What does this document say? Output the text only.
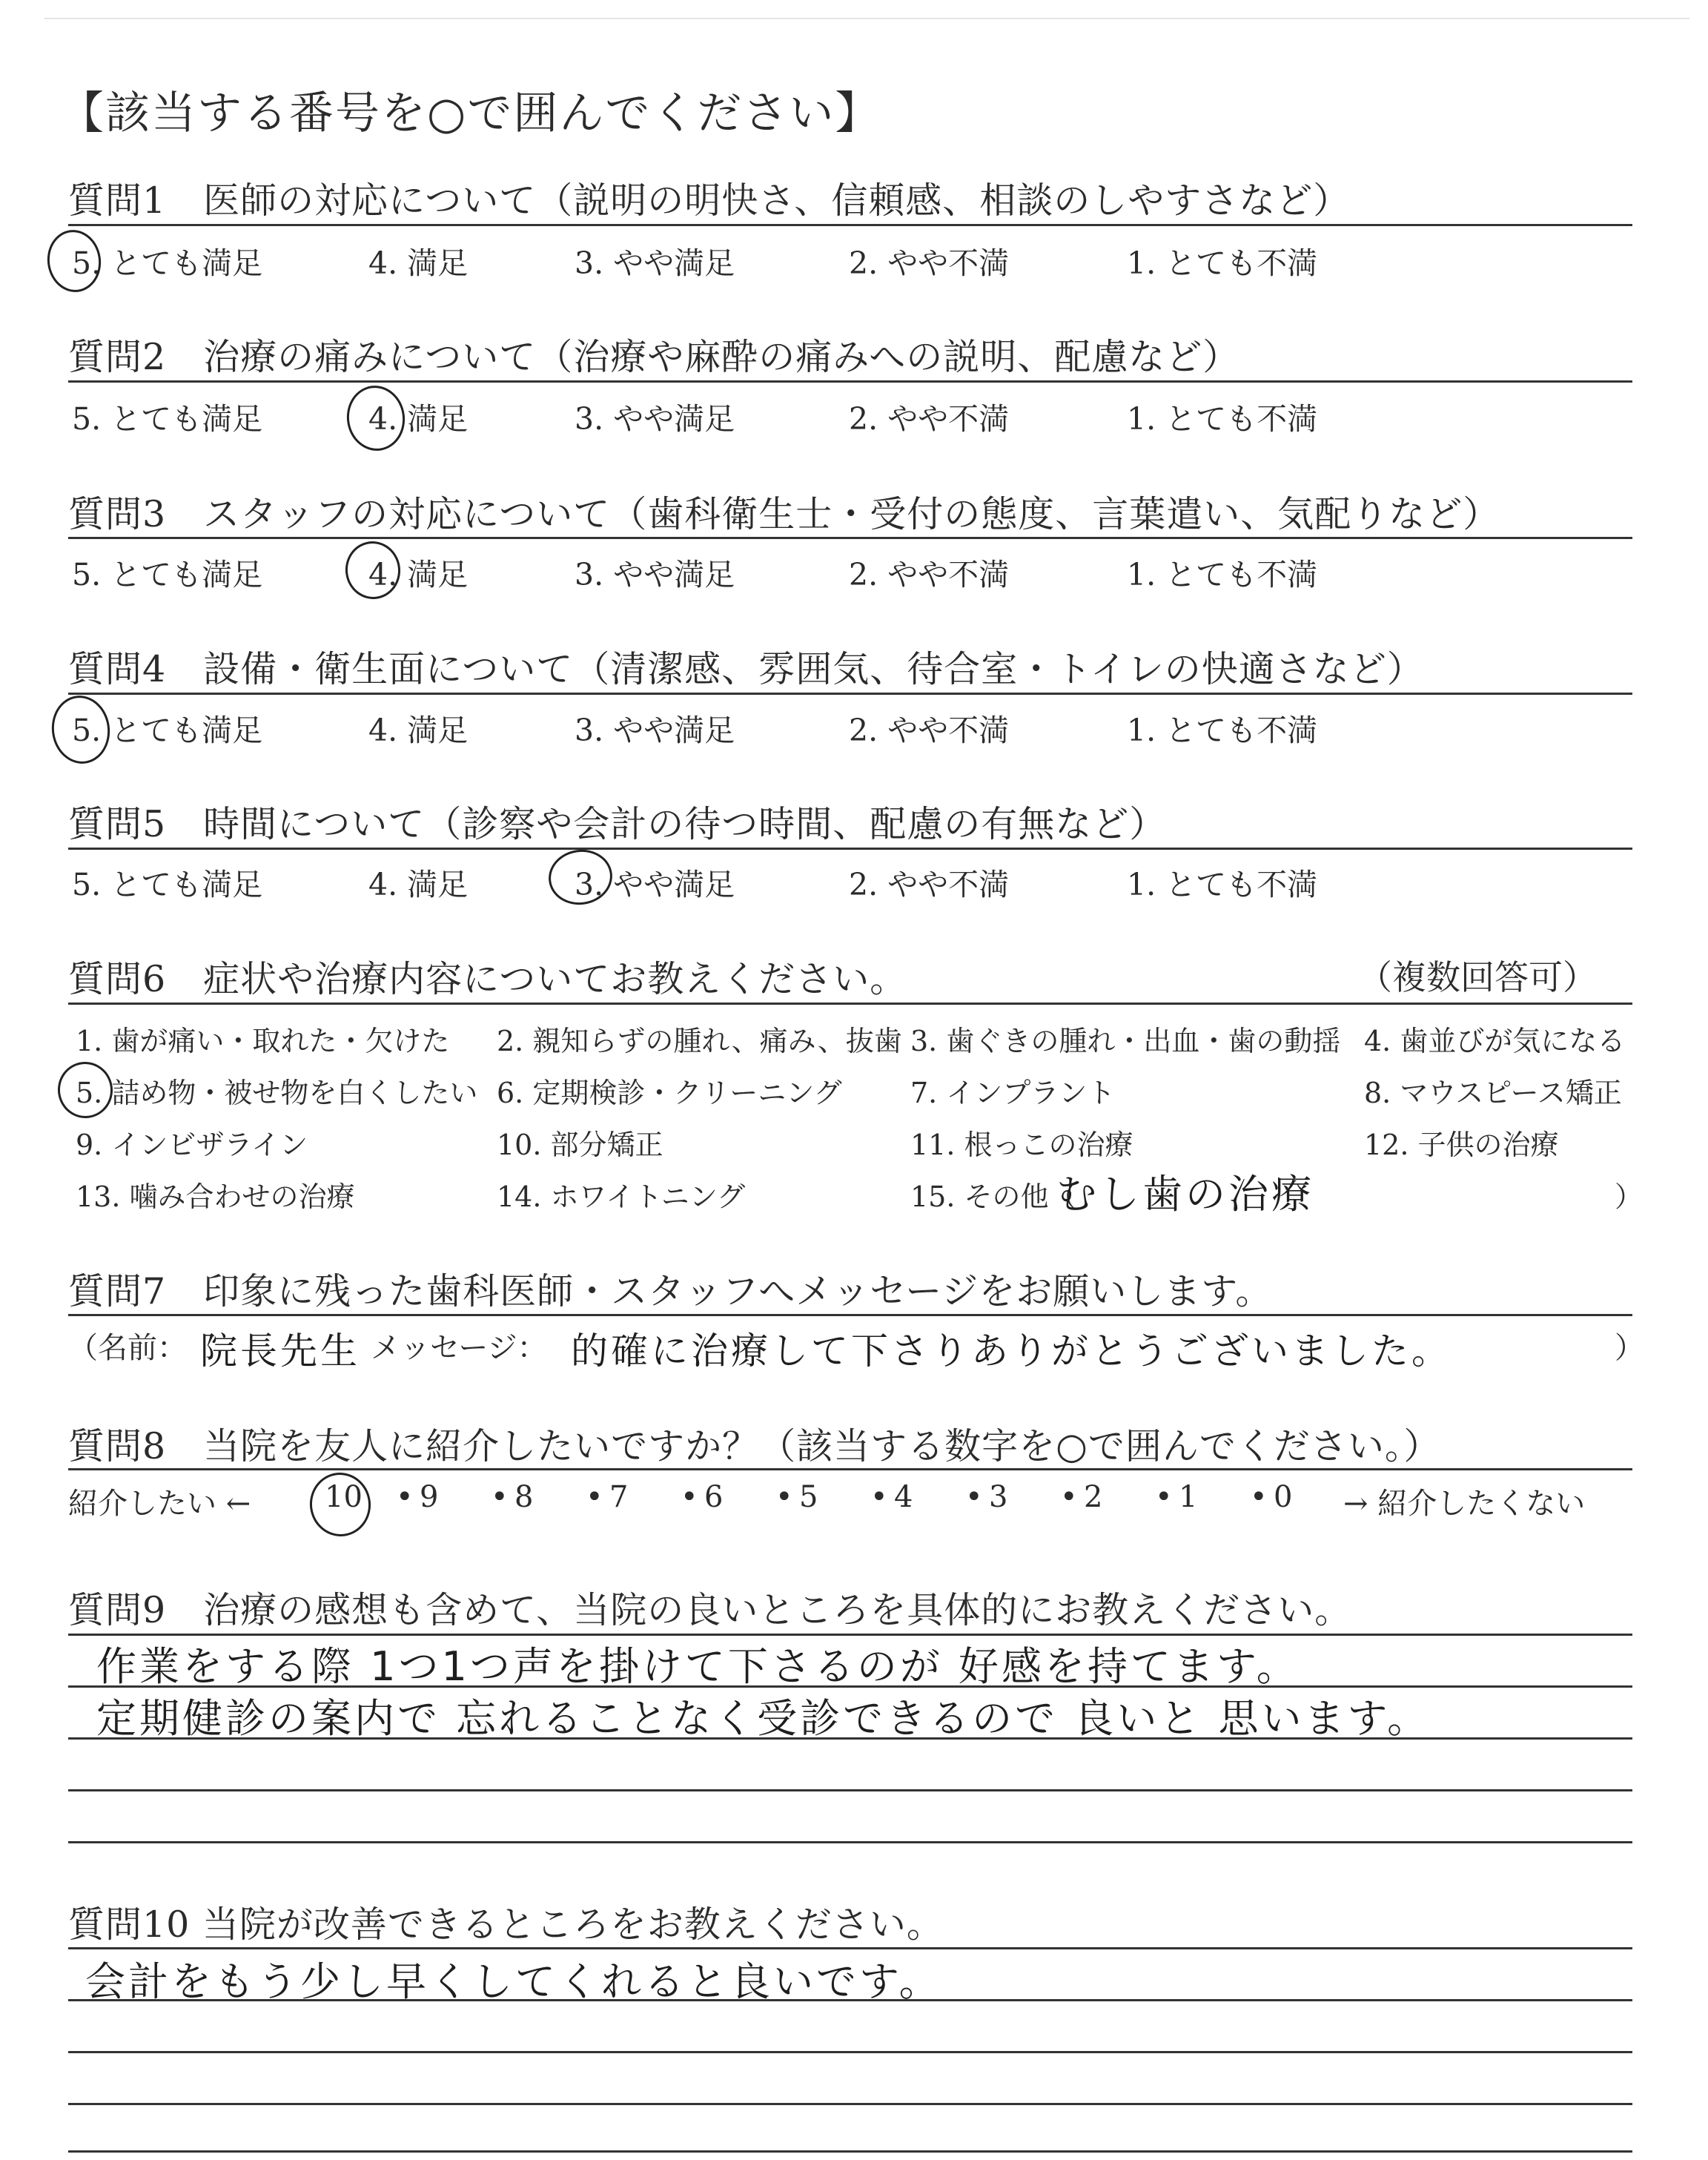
【該当する番号を○で囲んでください】
質問1　医師の対応について（説明の明快さ、信頼感、相談のしやすさなど）
5. とても満足	4. 満足	3. やや満足	2. やや不満	1. とても不満
質問2　治療の痛みについて（治療や麻酔の痛みへの説明、配慮など）
5. とても満足	4. 満足	3. やや満足	2. やや不満	1. とても不満
質問3　スタッフの対応について（歯科衛生士・受付の態度、言葉遣い、気配りなど）
5. とても満足	4. 満足	3. やや満足	2. やや不満	1. とても不満
質問4　設備・衛生面について（清潔感、雰囲気、待合室・トイレの快適さなど）
5. とても満足	4. 満足	3. やや満足	2. やや不満	1. とても不満
質問5　時間について（診察や会計の待つ時間、配慮の有無など）
5. とても満足	4. 満足	3. やや満足	2. やや不満	1. とても不満
質問6　症状や治療内容についてお教えください。	（複数回答可）
1. 歯が痛い・取れた・欠けた 2. 親知らずの腫れ、痛み、抜歯 3. 歯ぐきの腫れ・出血・歯の動揺 4. 歯並びが気になる
5. 詰め物・被せ物を白くしたい 6. 定期検診・クリーニング 7. インプラント	8. マウスピース矯正
9. インビザライン	10. 部分矯正	11. 根っこの治療	12. 子供の治療
13. 噛み合わせの治療	14. ホワイトニング	15. その他（
むし歯の治療	）
質問7　印象に残った歯科医師・スタッフへメッセージをお願いします。
（名前： 院長先生 メッセージ： 的確に治療して下さりありがとうございました。	）
質問8　当院を友人に紹介したいですか？（該当する数字を○で囲んでください。）
紹介したい ←	→ 紹介したくない
10 • 9 • 8 • 7 • 6 • 5 • 4 • 3 • 2 • 1 • 0
質問9　治療の感想も含めて、当院の良いところを具体的にお教えください。
作業をする際 1つ1つ声を掛けて下さるのが 好感を持てます。
定期健診の案内で 忘れることなく受診できるので 良いと 思います。
質問10 当院が改善できるところをお教えください。
会計をもう少し早くしてくれると良いです。
